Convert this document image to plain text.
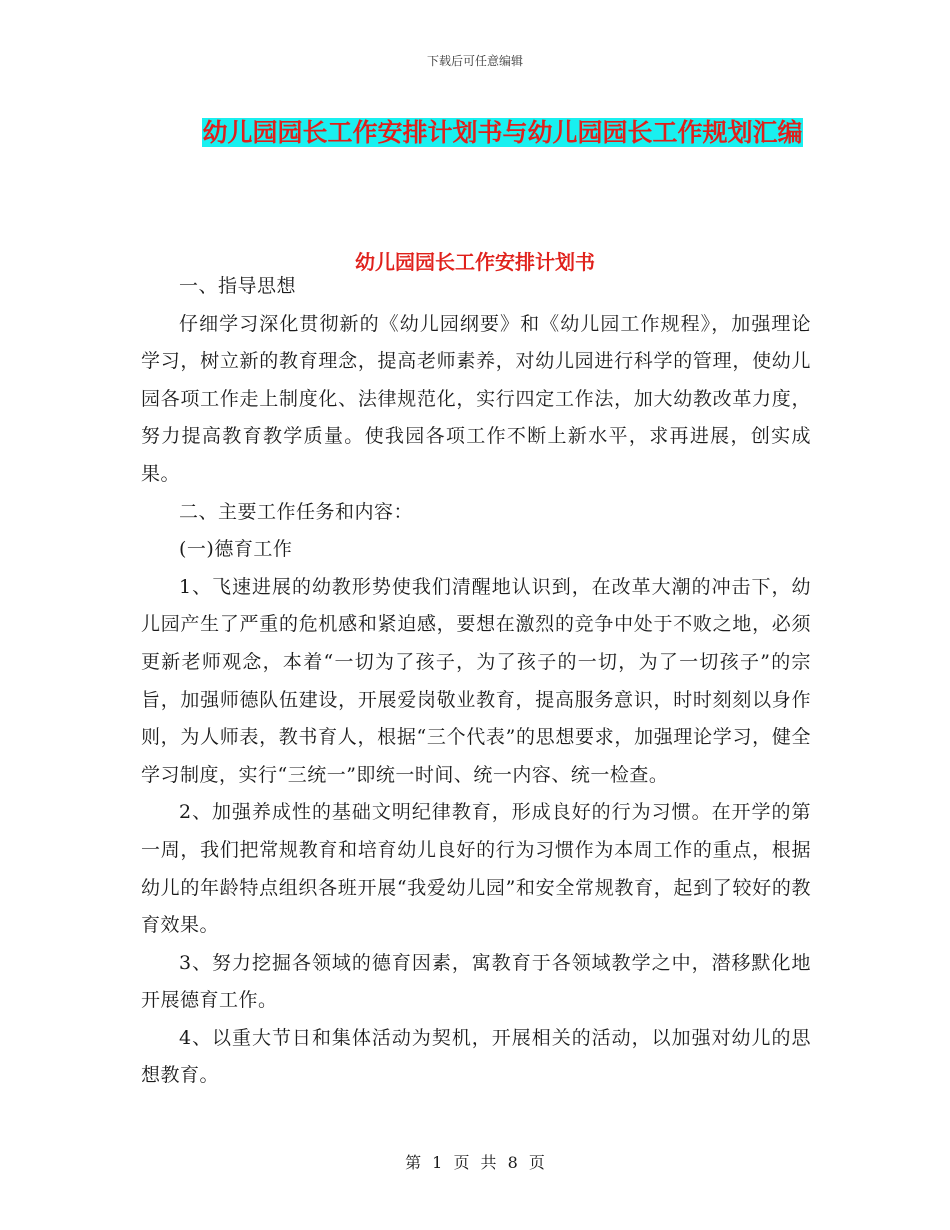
下载后可任意编辑
幼儿园园长工作安排计划书与幼儿园园长工作规划汇编
幼儿园园长工作安排计划书

一、指导思想

仔细学习深化贯彻新的《幼儿园纲要》和《幼儿园工作规程》，加强理论学习，树立新的教育理念，提高老师素养，对幼儿园进行科学的管理，使幼儿园各项工作走上制度化、法律规范化，实行四定工作法，加大幼教改革力度，努力提高教育教学质量。使我园各项工作不断上新水平，求再进展，创实成果。

二、主要工作任务和内容：

(一)德育工作

1、飞速进展的幼教形势使我们清醒地认识到，在改革大潮的冲击下，幼儿园产生了严重的危机感和紧迫感，要想在激烈的竞争中处于不败之地，必须更新老师观念，本着“一切为了孩子，为了孩子的一切，为了一切孩子”的宗旨，加强师德队伍建设，开展爱岗敬业教育，提高服务意识，时时刻刻以身作则，为人师表，教书育人，根据“三个代表”的思想要求，加强理论学习，健全学习制度，实行“三统一”即统一时间、统一内容、统一检查。

2、加强养成性的基础文明纪律教育，形成良好的行为习惯。在开学的第一周，我们把常规教育和培育幼儿良好的行为习惯作为本周工作的重点，根据幼儿的年龄特点组织各班开展“我爱幼儿园”和安全常规教育，起到了较好的教育效果。

3、努力挖掘各领域的德育因素，寓教育于各领域教学之中，潜移默化地开展德育工作。

4、以重大节日和集体活动为契机，开展相关的活动，以加强对幼儿的思想教育。

第 1 页 共 8 页
